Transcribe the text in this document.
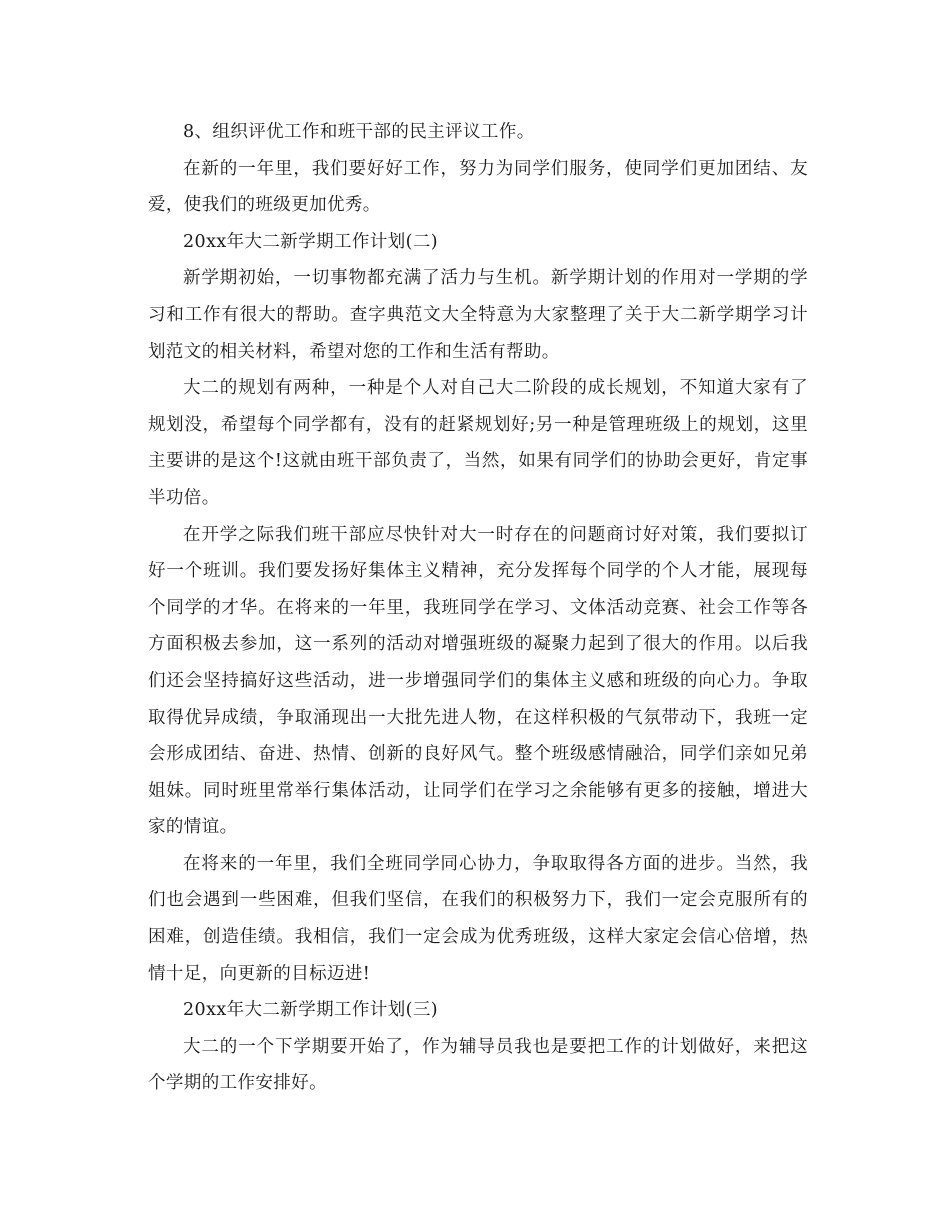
8、组织评优工作和班干部的民主评议工作。

在新的一年里，我们要好好工作，努力为同学们服务，使同学们更加团结、友爱，使我们的班级更加优秀。

20xx年大二新学期工作计划(二)

新学期初始，一切事物都充满了活力与生机。新学期计划的作用对一学期的学习和工作有很大的帮助。查字典范文大全特意为大家整理了关于大二新学期学习计划范文的相关材料，希望对您的工作和生活有帮助。

大二的规划有两种，一种是个人对自己大二阶段的成长规划，不知道大家有了规划没，希望每个同学都有，没有的赶紧规划好;另一种是管理班级上的规划，这里主要讲的是这个!这就由班干部负责了，当然，如果有同学们的协助会更好，肯定事半功倍。

在开学之际我们班干部应尽快针对大一时存在的问题商讨好对策，我们要拟订好一个班训。我们要发扬好集体主义精神，充分发挥每个同学的个人才能，展现每个同学的才华。在将来的一年里，我班同学在学习、文体活动竞赛、社会工作等各方面积极去参加，这一系列的活动对增强班级的凝聚力起到了很大的作用。以后我们还会坚持搞好这些活动，进一步增强同学们的集体主义感和班级的向心力。争取取得优异成绩，争取涌现出一大批先进人物，在这样积极的气氛带动下，我班一定会形成团结、奋进、热情、创新的良好风气。整个班级感情融洽，同学们亲如兄弟姐妹。同时班里常举行集体活动，让同学们在学习之余能够有更多的接触，增进大家的情谊。

在将来的一年里，我们全班同学同心协力，争取取得各方面的进步。当然，我们也会遇到一些困难，但我们坚信，在我们的积极努力下，我们一定会克服所有的困难，创造佳绩。我相信，我们一定会成为优秀班级，这样大家定会信心倍增，热情十足，向更新的目标迈进!

20xx年大二新学期工作计划(三)

大二的一个下学期要开始了，作为辅导员我也是要把工作的计划做好，来把这个学期的工作安排好。
